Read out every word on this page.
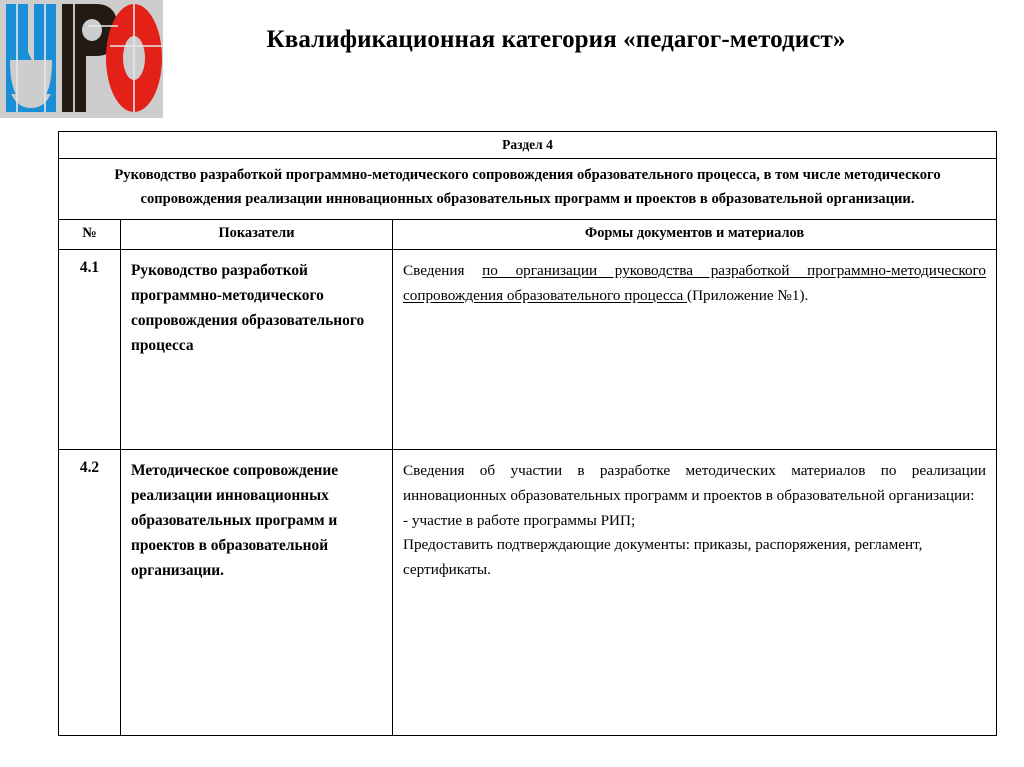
Квалификационная категория «педагог-методист»
Раздел 4		
Руководство разработкой программно-методического сопровождения образовательного процесса, в том числе методического сопровождения реализации инновационных образовательных программ и проектов в образовательной организации.		
№	Показатели	Формы документов и материалов
4.1	Руководство разработкой программно-методического сопровождения образовательного процесса	Сведения по организации руководства разработкой программно-методического сопровождения образовательного процесса (Приложение №1).

4.2	Методическое сопровождение реализации инновационных образовательных программ и проектов в образовательной организации.	Сведения об участии в разработке методических материалов по реализации инновационных образовательных программ и проектов в образовательной организации:

- участие в работе программы РИП;

Предоставить подтверждающие документы: приказы, распоряжения, регламент, сертификаты.
